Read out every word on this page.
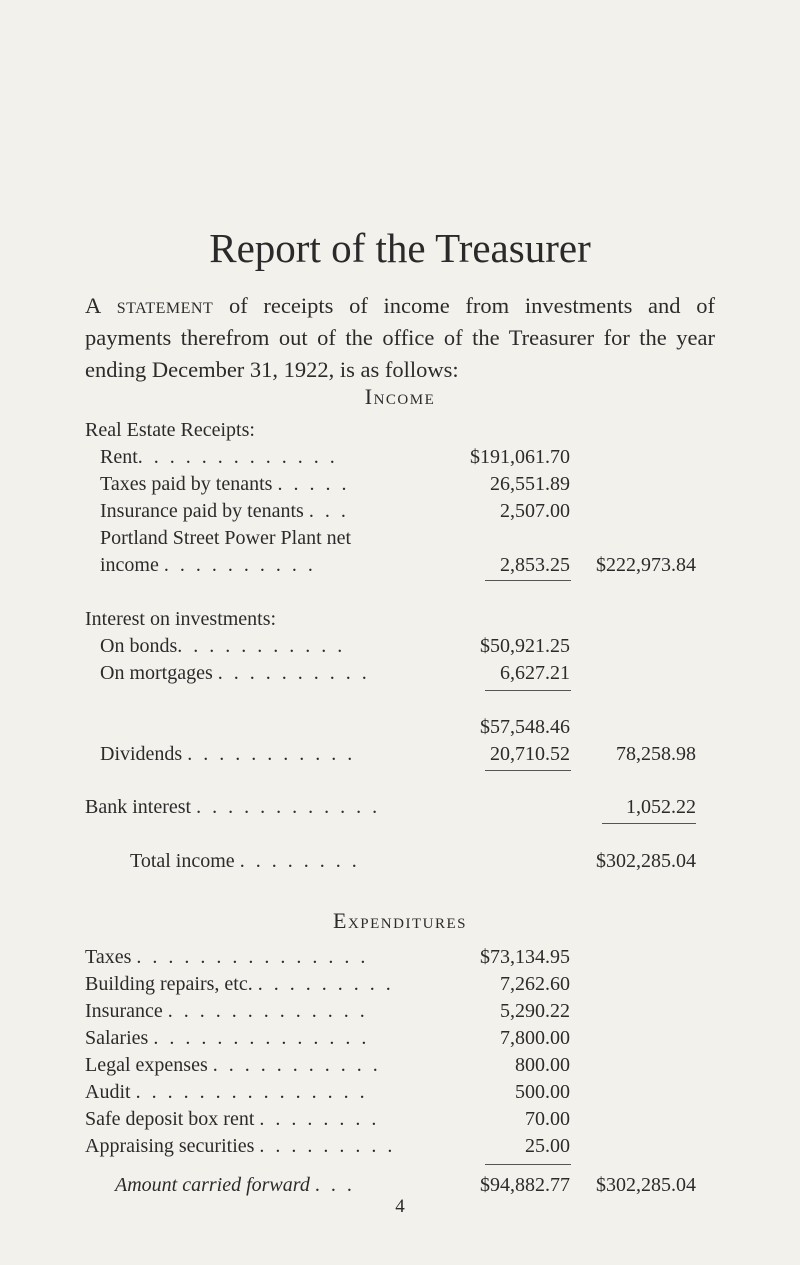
Report of the Treasurer
A statement of receipts of income from investments and of payments therefrom out of the office of the Treasurer for the year ending December 31, 1922, is as follows:
Income
Real Estate Receipts:
Rent. . . . . . . . . . . . .	$191,061.70
Taxes paid by tenants . . . . .	26,551.89
Insurance paid by tenants . . .	2,507.00
Portland Street Power Plant net
income . . . . . . . . . .	2,853.25 $222,973.84
Interest on investments:
On bonds. . . . . . . . . . .	$50,921.25
On mortgages . . . . . . . . . .	6,627.21
$57,548.46
Dividends . . . . . . . . . . .	20,710.52 78,258.98
Bank interest . . . . . . . . . . . .	1,052.22
Total income . . . . . . . .	$302,285.04
Expenditures
Taxes . . . . . . . . . . . . . . .	$73,134.95
Building repairs, etc. . . . . . . . . .	7,262.60
Insurance . . . . . . . . . . . . .	5,290.22
Salaries . . . . . . . . . . . . . .	7,800.00
Legal expenses . . . . . . . . . . .	800.00
Audit . . . . . . . . . . . . . . .	500.00
Safe deposit box rent . . . . . . . .	70.00
Appraising securities . . . . . . . . .	25.00
Amount carried forward . . .	$94,882.77 $302,285.04
4
